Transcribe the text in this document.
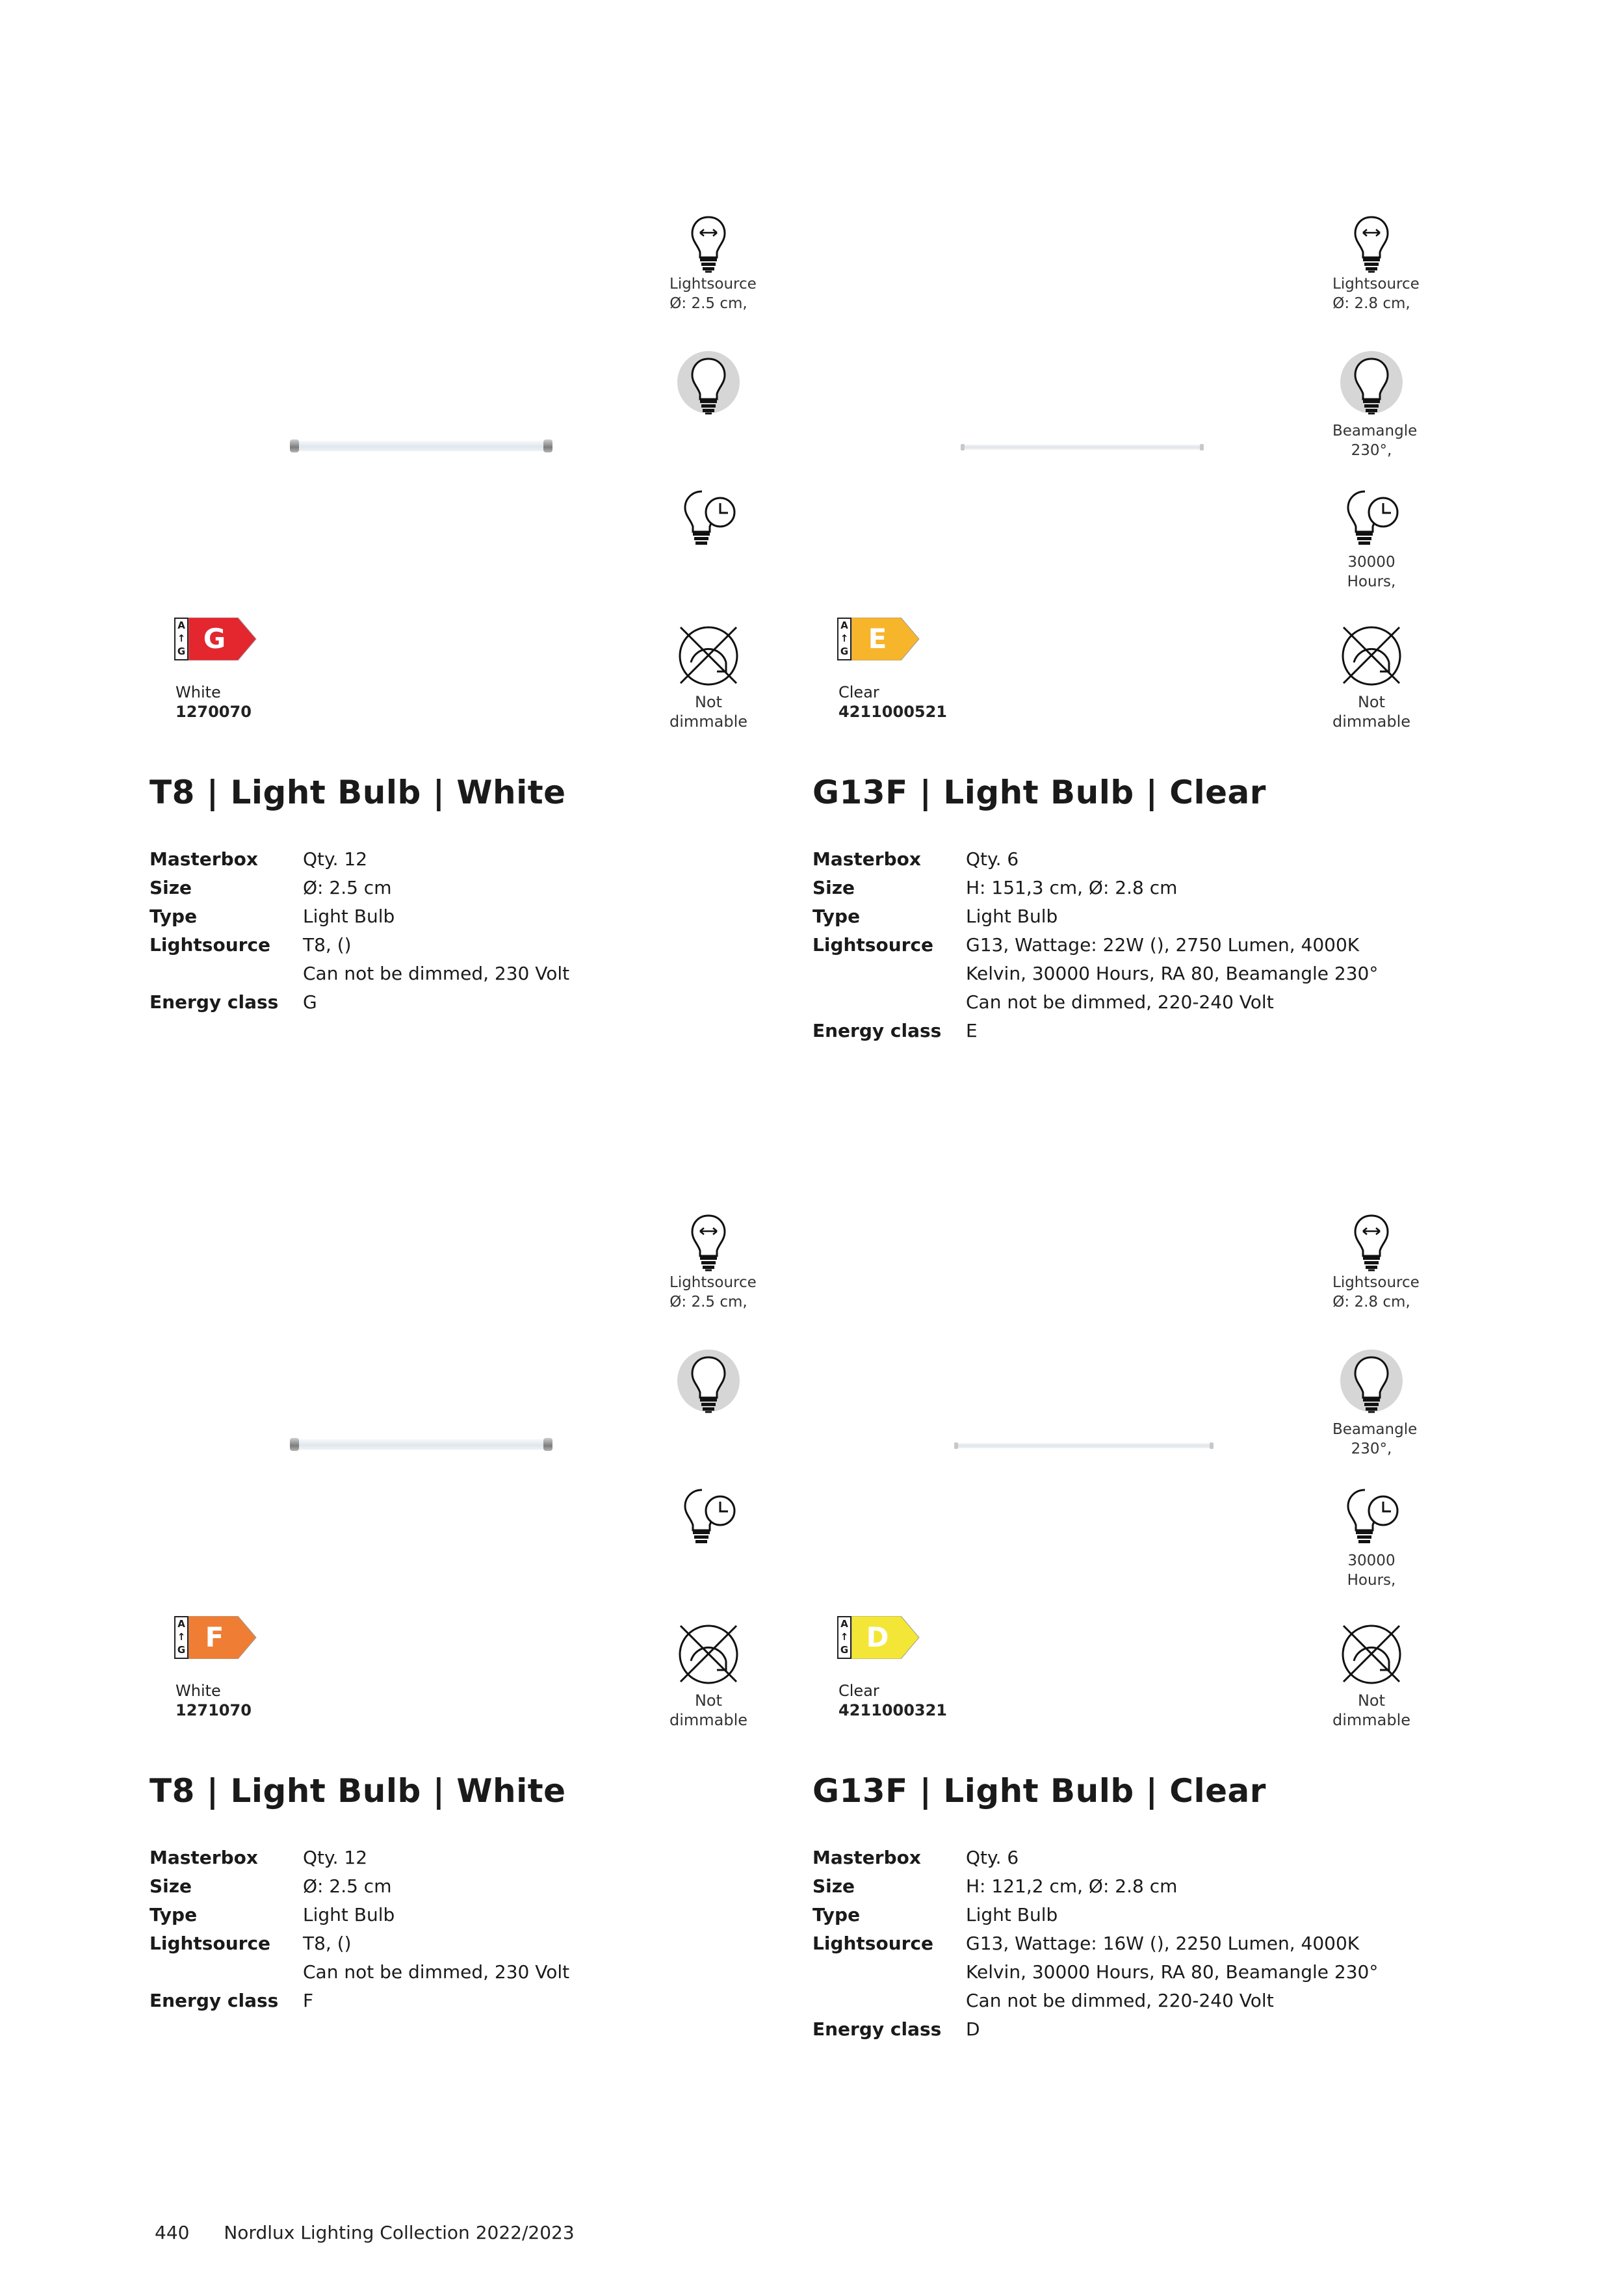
Lightsource
Ø: 2.5 cm,
Not dimmable
A
↑
G G
White
1270070
T8 | Light Bulb | White
Masterbox	Qty. 12
Size	Ø: 2.5 cm
Type	Light Bulb
Lightsource	T8, ()
	Can not be dimmed, 230 Volt
Energy class	G
Lightsource
Ø: 2.8 cm,
Beamangle
230°,
30000
Hours,
Not dimmable
A
↑
G E
Clear
4211000521
G13F | Light Bulb | Clear
Masterbox	Qty. 6
Size	H: 151,3 cm, Ø: 2.8 cm
Type	Light Bulb
Lightsource	G13, Wattage: 22W (), 2750 Lumen, 4000K
	Kelvin, 30000 Hours, RA 80, Beamangle 230°
	Can not be dimmed, 220-240 Volt
Energy class	E
Lightsource
Ø: 2.5 cm,
Not dimmable
A
↑
G F
White
1271070
T8 | Light Bulb | White
Masterbox	Qty. 12
Size	Ø: 2.5 cm
Type	Light Bulb
Lightsource	T8, ()
	Can not be dimmed, 230 Volt
Energy class	F
Lightsource
Ø: 2.8 cm,
Beamangle
230°,
30000
Hours,
Not dimmable
A
↑
G D
Clear
4211000321
G13F | Light Bulb | Clear
Masterbox	Qty. 6
Size	H: 121,2 cm, Ø: 2.8 cm
Type	Light Bulb
Lightsource	G13, Wattage: 16W (), 2250 Lumen, 4000K
	Kelvin, 30000 Hours, RA 80, Beamangle 230°
	Can not be dimmed, 220-240 Volt
Energy class	D
440 Nordlux Lighting Collection 2022/2023
